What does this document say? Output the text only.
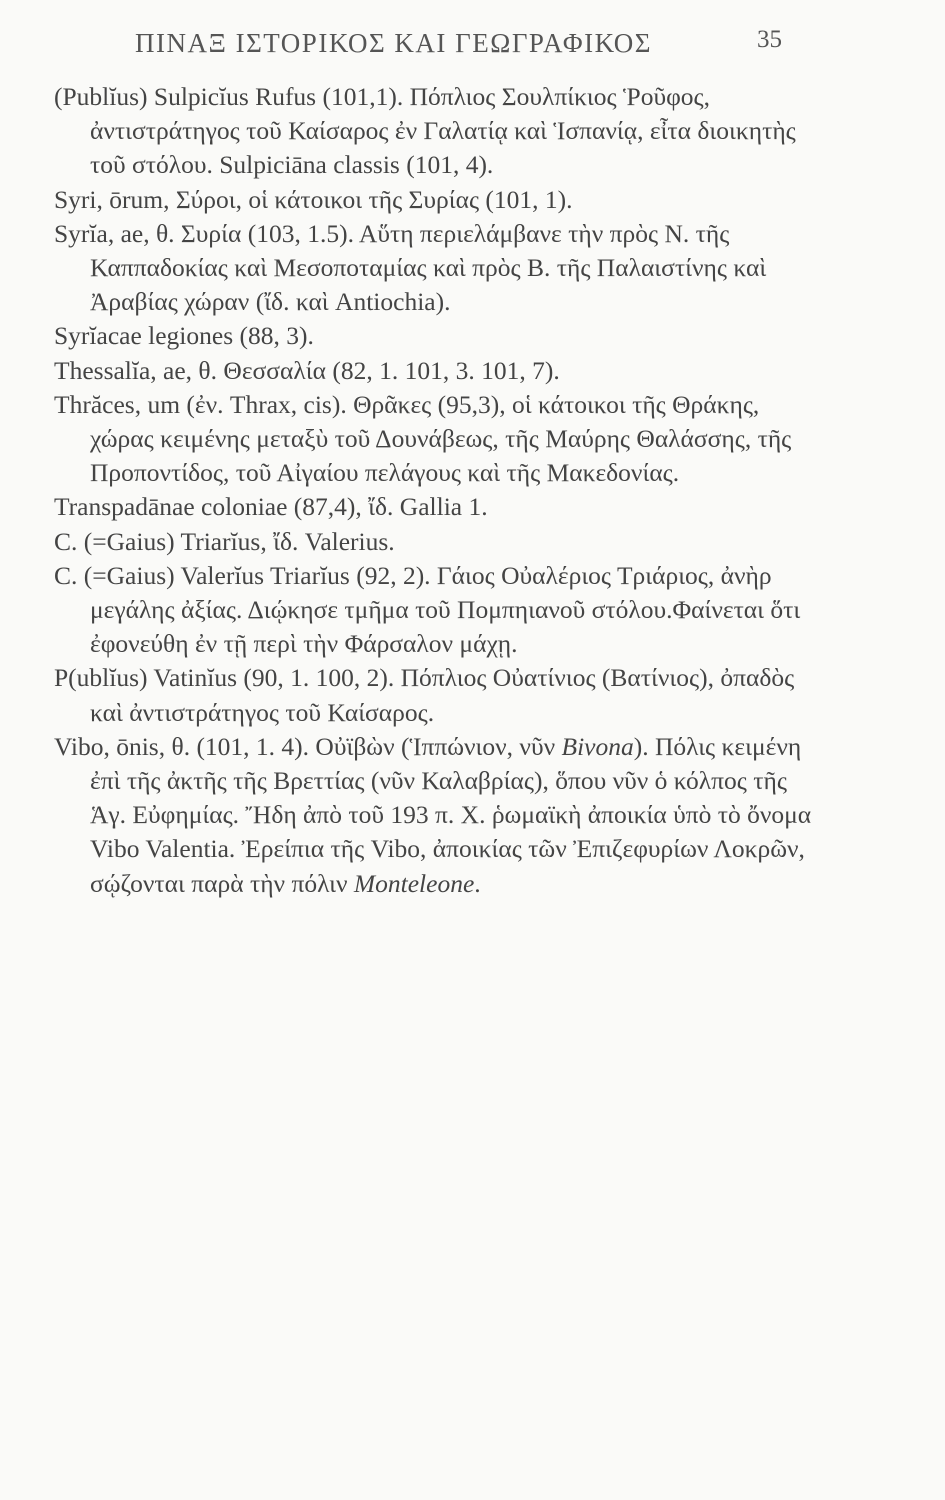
ΠΙΝΑΞ ΙΣΤΟΡΙΚΟΣ ΚΑΙ ΓΕΩΓΡΑΦΙΚΟΣ	35

(Publĭus) Sulpicĭus Rufus (101,1). Πόπλιος Σουλπίκιος Ῥοῦφος, ἀντιστράτηγος τοῦ Καίσαρος ἐν Γαλατίᾳ καὶ Ἱσπανίᾳ, εἶτα διοικητὴς τοῦ στόλου. Sulpiciāna classis (101, 4).

Syri, ōrum, Σύροι, οἱ κάτοικοι τῆς Συρίας (101, 1).

Syrĭa, ae, θ. Συρία (103, 1.5). Αὕτη περιελάμβανε τὴν πρὸς Ν. τῆς Καππαδοκίας καὶ Μεσοποταμίας καὶ πρὸς Β. τῆς Παλαιστίνης καὶ Ἀραβίας χώραν (ἴδ. καὶ Antiochia).

Syrĭacae legiones (88, 3).

Thessalĭa, ae, θ. Θεσσαλία (82, 1. 101, 3. 101, 7).

Thrăces, um (ἐν. Thrax, cis). Θρᾶκες (95,3), οἱ κάτοικοι τῆς Θράκης, χώρας κειμένης μεταξὺ τοῦ Δουνάβεως, τῆς Μαύρης Θαλάσσης, τῆς Προποντίδος, τοῦ Αἰγαίου πελάγους καὶ τῆς Μακεδονίας.

Transpadānae coloniae (87,4), ἴδ. Gallia 1.

C. (=Gaius) Triarĭus, ἴδ. Valerius.

C. (=Gaius) Valerĭus Triarĭus (92, 2). Γάιος Οὐαλέριος Τριάριος, ἀνὴρ μεγάλης ἀξίας. Διῴκησε τμῆμα τοῦ Πομπηιανοῦ στόλου.Φαίνεται ὅτι ἐφονεύθη ἐν τῇ περὶ τὴν Φάρσαλον μάχῃ.

P(ublĭus) Vatinĭus (90, 1. 100, 2). Πόπλιος Οὐατίνιος (Βατίνιος), ὀπαδὸς καὶ ἀντιστράτηγος τοῦ Καίσαρος.

Vibo, ōnis, θ. (101, 1. 4). Οὐϊβὼν (Ἱππώνιον, νῦν Bivona). Πόλις κειμένη ἐπὶ τῆς ἀκτῆς τῆς Βρεττίας (νῦν Καλαβρίας), ὅπου νῦν ὁ κόλπος τῆς Ἁγ. Εὐφημίας. Ἤδη ἀπὸ τοῦ 193 π. Χ. ῥωμαϊκὴ ἀποικία ὑπὸ τὸ ὄνομα Vibo Valentia. Ἐρείπια τῆς Vibo, ἀποικίας τῶν Ἐπιζεφυρίων Λοκρῶν, σῴζονται παρὰ τὴν πόλιν Monteleone.
